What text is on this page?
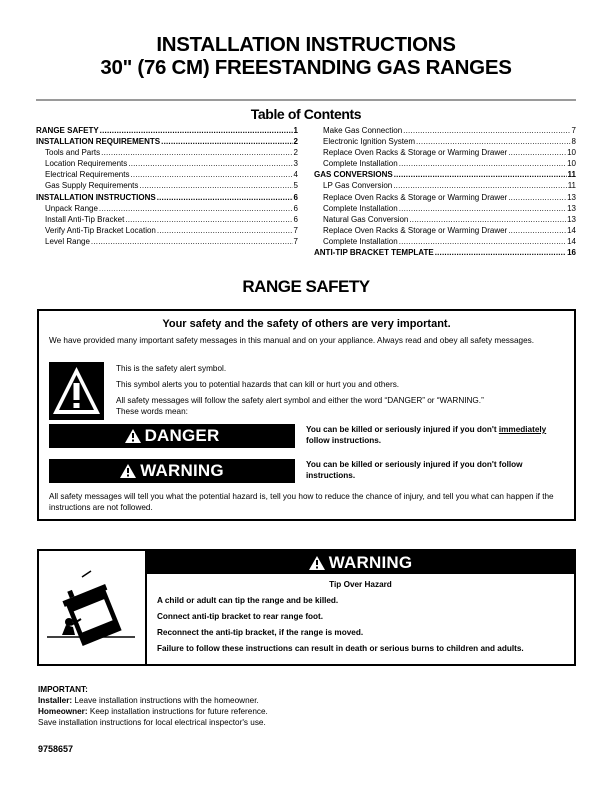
INSTALLATION INSTRUCTIONS
30" (76 CM) FREESTANDING GAS RANGES
Table of Contents
RANGE SAFETY .....	1
INSTALLATION REQUIREMENTS .....	2
Tools and Parts .....	2
Location Requirements .....	3
Electrical Requirements .....	4
Gas Supply Requirements .....	5
INSTALLATION INSTRUCTIONS .....	6
Unpack Range .....	6
Install Anti-Tip Bracket .....	6
Verify Anti-Tip Bracket Location .....	7
Level Range .....	7
Make Gas Connection .....	7
Electronic Ignition System .....	8
Replace Oven Racks & Storage or Warming Drawer .....	10
Complete Installation .....	10
GAS CONVERSIONS .....	11
LP Gas Conversion .....	11
Replace Oven Racks & Storage or Warming Drawer .....	13
Complete Installation .....	13
Natural Gas Conversion .....	13
Replace Oven Racks & Storage or Warming Drawer .....	14
Complete Installation .....	14
ANTI-TIP BRACKET TEMPLATE .....	16
RANGE SAFETY
Your safety and the safety of others are very important.
We have provided many important safety messages in this manual and on your appliance. Always read and obey all safety messages.
This is the safety alert symbol.
This symbol alerts you to potential hazards that can kill or hurt you and others.
All safety messages will follow the safety alert symbol and either the word “DANGER” or “WARNING.” These words mean:
DANGER	You can be killed or seriously injured if you don't immediately follow instructions.
WARNING	You can be killed or seriously injured if you don't follow instructions.
All safety messages will tell you what the potential hazard is, tell you how to reduce the chance of injury, and tell you what can happen if the instructions are not followed.
WARNING
Tip Over Hazard
A child or adult can tip the range and be killed.
Connect anti-tip bracket to rear range foot.
Reconnect the anti-tip bracket, if the range is moved.
Failure to follow these instructions can result in death or serious burns to children and adults.
IMPORTANT:
Installer: Leave installation instructions with the homeowner.
Homeowner: Keep installation instructions for future reference.
Save installation instructions for local electrical inspector's use.
9758657
